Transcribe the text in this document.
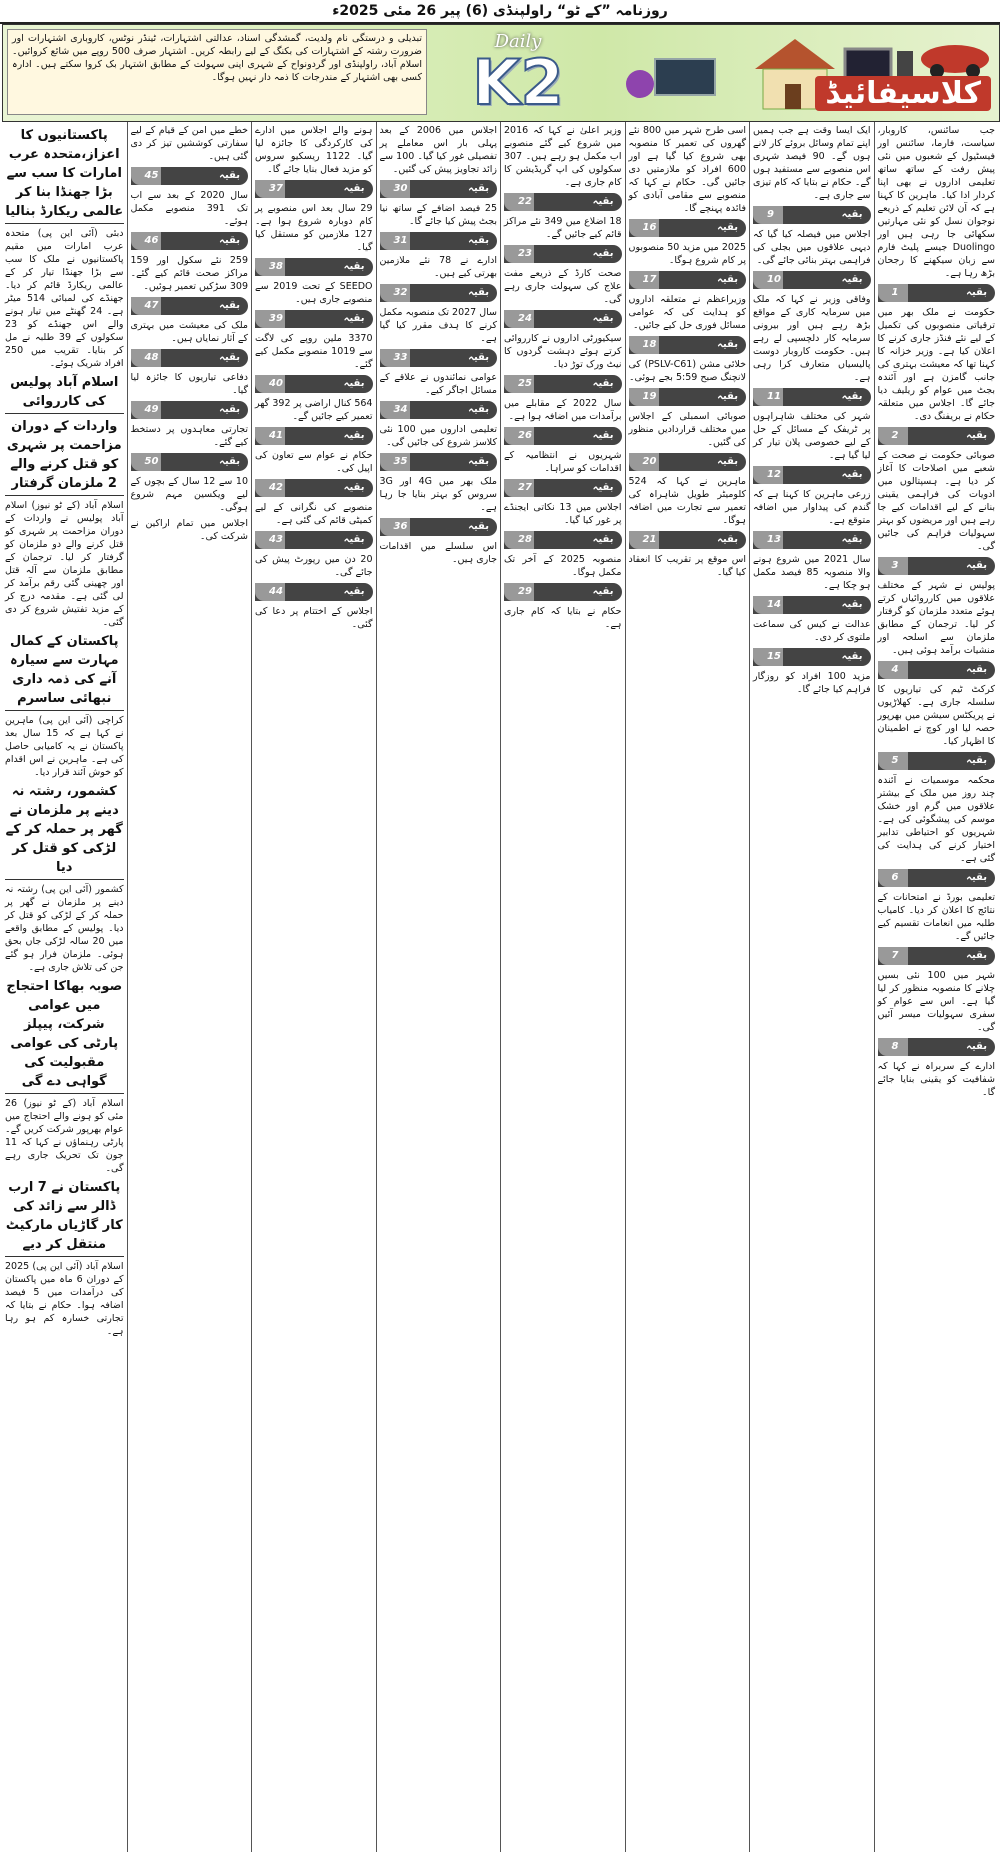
روزنامہ ”کے ٹو“ راولپنڈی (6) پیر 26 مئی 2025ء
تبدیلی و درستگی نام ولدیت، گمشدگی اسناد، عدالتی اشتہارات، ٹینڈر نوٹس، کاروباری اشتہارات اور ضرورت رشتہ کے اشتہارات کی بکنگ کے لیے رابطہ کریں۔ اشتہار صرف 500 روپے میں شائع کروائیں۔ اسلام آباد، راولپنڈی اور گردونواح کے شہری اپنی سہولت کے مطابق اشتہار بک کروا سکتے ہیں۔ ادارہ کسی بھی اشتہار کے مندرجات کا ذمہ دار نہیں ہوگا۔
Daily
K2	کلاسیفائیڈ

جب سائنس، کاروبار، سیاست، فارما، سائنس اور فیسٹیول کے شعبوں میں نئی پیش رفت کے ساتھ ساتھ تعلیمی اداروں نے بھی اپنا کردار ادا کیا۔ ماہرین کا کہنا ہے کہ آن لائن تعلیم کے ذریعے نوجوان نسل کو نئی مہارتیں سکھائی جا رہی ہیں اور Duolingo جیسے پلیٹ فارم سے زبان سیکھنے کا رجحان بڑھ رہا ہے۔

بقیہ
1

حکومت نے ملک بھر میں ترقیاتی منصوبوں کی تکمیل کے لیے نئے فنڈز جاری کرنے کا اعلان کیا ہے۔ وزیر خزانہ کا کہنا تھا کہ معیشت بہتری کی جانب گامزن ہے اور آئندہ بجٹ میں عوام کو ریلیف دیا جائے گا۔ اجلاس میں متعلقہ حکام نے بریفنگ دی۔

بقیہ
2

صوبائی حکومت نے صحت کے شعبے میں اصلاحات کا آغاز کر دیا ہے۔ ہسپتالوں میں ادویات کی فراہمی یقینی بنانے کے لیے اقدامات کیے جا رہے ہیں اور مریضوں کو بہتر سہولیات فراہم کی جائیں گی۔

بقیہ
3

پولیس نے شہر کے مختلف علاقوں میں کارروائیاں کرتے ہوئے متعدد ملزمان کو گرفتار کر لیا۔ ترجمان کے مطابق ملزمان سے اسلحہ اور منشیات برآمد ہوئی ہیں۔

بقیہ
4

کرکٹ ٹیم کی تیاریوں کا سلسلہ جاری ہے۔ کھلاڑیوں نے پریکٹس سیشن میں بھرپور حصہ لیا اور کوچ نے اطمینان کا اظہار کیا۔

بقیہ
5

محکمہ موسمیات نے آئندہ چند روز میں ملک کے بیشتر علاقوں میں گرم اور خشک موسم کی پیشگوئی کی ہے۔ شہریوں کو احتیاطی تدابیر اختیار کرنے کی ہدایت کی گئی ہے۔

بقیہ
6

تعلیمی بورڈ نے امتحانات کے نتائج کا اعلان کر دیا۔ کامیاب طلبہ میں انعامات تقسیم کیے جائیں گے۔

بقیہ
7

شہر میں 100 نئی بسیں چلانے کا منصوبہ منظور کر لیا گیا ہے۔ اس سے عوام کو سفری سہولیات میسر آئیں گی۔

بقیہ
8

ادارے کے سربراہ نے کہا کہ شفافیت کو یقینی بنایا جائے گا۔

ایک ایسا وقت ہے جب ہمیں اپنے تمام وسائل بروئے کار لانے ہوں گے۔ 90 فیصد شہری اس منصوبے سے مستفید ہوں گے۔ حکام نے بتایا کہ کام تیزی سے جاری ہے۔

بقیہ
9

اجلاس میں فیصلہ کیا گیا کہ دیہی علاقوں میں بجلی کی فراہمی بہتر بنائی جائے گی۔

بقیہ
10

وفاقی وزیر نے کہا کہ ملک میں سرمایہ کاری کے مواقع بڑھ رہے ہیں اور بیرونی سرمایہ کار دلچسپی لے رہے ہیں۔ حکومت کاروبار دوست پالیسیاں متعارف کرا رہی ہے۔

بقیہ
11

شہر کی مختلف شاہراہوں پر ٹریفک کے مسائل کے حل کے لیے خصوصی پلان تیار کر لیا گیا ہے۔

بقیہ
12

زرعی ماہرین کا کہنا ہے کہ گندم کی پیداوار میں اضافہ متوقع ہے۔

بقیہ
13

سال 2021 میں شروع ہونے والا منصوبہ 85 فیصد مکمل ہو چکا ہے۔

بقیہ
14

عدالت نے کیس کی سماعت ملتوی کر دی۔

بقیہ
15

مزید 100 افراد کو روزگار فراہم کیا جائے گا۔

اسی طرح شہر میں 800 نئے گھروں کی تعمیر کا منصوبہ بھی شروع کیا گیا ہے اور 600 افراد کو ملازمتیں دی جائیں گی۔ حکام نے کہا کہ منصوبے سے مقامی آبادی کو فائدہ پہنچے گا۔

بقیہ
16

2025 میں مزید 50 منصوبوں پر کام شروع ہوگا۔

بقیہ
17

وزیراعظم نے متعلقہ اداروں کو ہدایت کی کہ عوامی مسائل فوری حل کیے جائیں۔

بقیہ
18

خلائی مشن (PSLV-C61) کی لانچنگ صبح 5:59 بجے ہوئی۔

بقیہ
19

صوبائی اسمبلی کے اجلاس میں مختلف قراردادیں منظور کی گئیں۔

بقیہ
20

ماہرین نے کہا کہ 524 کلومیٹر طویل شاہراہ کی تعمیر سے تجارت میں اضافہ ہوگا۔

بقیہ
21

اس موقع پر تقریب کا انعقاد کیا گیا۔

وزیر اعلیٰ نے کہا کہ 2016 میں شروع کیے گئے منصوبے اب مکمل ہو رہے ہیں۔ 307 سکولوں کی اپ گریڈیشن کا کام جاری ہے۔

بقیہ
22

18 اضلاع میں 349 نئے مراکز قائم کیے جائیں گے۔

بقیہ
23

صحت کارڈ کے ذریعے مفت علاج کی سہولت جاری رہے گی۔

بقیہ
24

سیکیورٹی اداروں نے کارروائی کرتے ہوئے دہشت گردوں کا نیٹ ورک توڑ دیا۔

بقیہ
25

سال 2022 کے مقابلے میں برآمدات میں اضافہ ہوا ہے۔

بقیہ
26

شہریوں نے انتظامیہ کے اقدامات کو سراہا۔

بقیہ
27

اجلاس میں 13 نکاتی ایجنڈے پر غور کیا گیا۔

بقیہ
28

منصوبہ 2025 کے آخر تک مکمل ہوگا۔

بقیہ
29

حکام نے بتایا کہ کام جاری ہے۔

اجلاس میں 2006 کے بعد پہلی بار اس معاملے پر تفصیلی غور کیا گیا۔ 100 سے زائد تجاویز پیش کی گئیں۔

بقیہ
30

25 فیصد اضافے کے ساتھ نیا بجٹ پیش کیا جائے گا۔

بقیہ
31

ادارے نے 78 نئے ملازمین بھرتی کیے ہیں۔

بقیہ
32

سال 2027 تک منصوبہ مکمل کرنے کا ہدف مقرر کیا گیا ہے۔

بقیہ
33

عوامی نمائندوں نے علاقے کے مسائل اجاگر کیے۔

بقیہ
34

تعلیمی اداروں میں 100 نئی کلاسز شروع کی جائیں گی۔

بقیہ
35

ملک بھر میں 4G اور 3G سروس کو بہتر بنایا جا رہا ہے۔

بقیہ
36

اس سلسلے میں اقدامات جاری ہیں۔

ہونے والے اجلاس میں ادارے کی کارکردگی کا جائزہ لیا گیا۔ 1122 ریسکیو سروس کو مزید فعال بنایا جائے گا۔

بقیہ
37

29 سال بعد اس منصوبے پر کام دوبارہ شروع ہوا ہے۔ 127 ملازمین کو مستقل کیا گیا۔

بقیہ
38

SEEDO کے تحت 2019 سے منصوبے جاری ہیں۔

بقیہ
39

3370 ملین روپے کی لاگت سے 1019 منصوبے مکمل کیے گئے۔

بقیہ
40

564 کنال اراضی پر 392 گھر تعمیر کیے جائیں گے۔

بقیہ
41

حکام نے عوام سے تعاون کی اپیل کی۔

بقیہ
42

منصوبے کی نگرانی کے لیے کمیٹی قائم کی گئی ہے۔

بقیہ
43

20 دن میں رپورٹ پیش کی جائے گی۔

بقیہ
44

اجلاس کے اختتام پر دعا کی گئی۔

خطے میں امن کے قیام کے لیے سفارتی کوششیں تیز کر دی گئی ہیں۔

بقیہ
45

سال 2020 کے بعد سے اب تک 391 منصوبے مکمل ہوئے۔

بقیہ
46

259 نئے سکول اور 159 مراکز صحت قائم کیے گئے۔ 309 سڑکیں تعمیر ہوئیں۔

بقیہ
47

ملک کی معیشت میں بہتری کے آثار نمایاں ہیں۔

بقیہ
48

دفاعی تیاریوں کا جائزہ لیا گیا۔

بقیہ
49

تجارتی معاہدوں پر دستخط کیے گئے۔

بقیہ
50

10 سے 12 سال کے بچوں کے لیے ویکسین مہم شروع ہوگی۔

اجلاس میں تمام اراکین نے شرکت کی۔

پاکستانیوں کا اعزاز،متحدہ عرب امارات کا سب سے بڑا جھنڈا بنا کر عالمی ریکارڈ بنالیا

دبئی (آئی این پی) متحدہ عرب امارات میں مقیم پاکستانیوں نے ملک کا سب سے بڑا جھنڈا تیار کر کے عالمی ریکارڈ قائم کر دیا۔ جھنڈے کی لمبائی 514 میٹر ہے۔ 24 گھنٹے میں تیار ہونے والے اس جھنڈے کو 23 سکولوں کے 39 طلبہ نے مل کر بنایا۔ تقریب میں 250 افراد شریک ہوئے۔

اسلام آباد پولیس کی کارروائی
واردات کے دوران مزاحمت پر شہری کو قتل کرنے والے 2 ملزمان گرفتار

اسلام آباد (کے ٹو نیوز) اسلام آباد پولیس نے واردات کے دوران مزاحمت پر شہری کو قتل کرنے والے دو ملزمان کو گرفتار کر لیا۔ ترجمان کے مطابق ملزمان سے آلہ قتل اور چھینی گئی رقم برآمد کر لی گئی ہے۔ مقدمہ درج کر کے مزید تفتیش شروع کر دی گئی۔

پاکستان کے کمال مہارت سے سیارہ آنے کی ذمہ داری نبھائی ساسرم

کراچی (آئی این پی) ماہرین نے کہا ہے کہ 15 سال بعد پاکستان نے یہ کامیابی حاصل کی ہے۔ ماہرین نے اس اقدام کو خوش آئند قرار دیا۔

کشمور، رشتہ نہ دینے پر ملزمان نے گھر پر حملہ کر کے لڑکی کو قتل کر دیا

کشمور (آئی این پی) رشتہ نہ دینے پر ملزمان نے گھر پر حملہ کر کے لڑکی کو قتل کر دیا۔ پولیس کے مطابق واقعے میں 20 سالہ لڑکی جاں بحق ہوئی۔ ملزمان فرار ہو گئے جن کی تلاش جاری ہے۔

صوبہ بھاکا احتجاج میں عوامی شرکت، پیپلز پارٹی کی عوامی مقبولیت کی گواہی دے گی

اسلام آباد (کے ٹو نیوز) 26 مئی کو ہونے والے احتجاج میں عوام بھرپور شرکت کریں گے۔ پارٹی رہنماؤں نے کہا کہ 11 جون تک تحریک جاری رہے گی۔

پاکستان نے 7 ارب ڈالر سے زائد کی کار گاڑیاں مارکیٹ منتقل کر دیے

اسلام آباد (آئی این پی) 2025 کے دوران 6 ماہ میں پاکستان کی درآمدات میں 5 فیصد اضافہ ہوا۔ حکام نے بتایا کہ تجارتی خسارہ کم ہو رہا ہے۔
